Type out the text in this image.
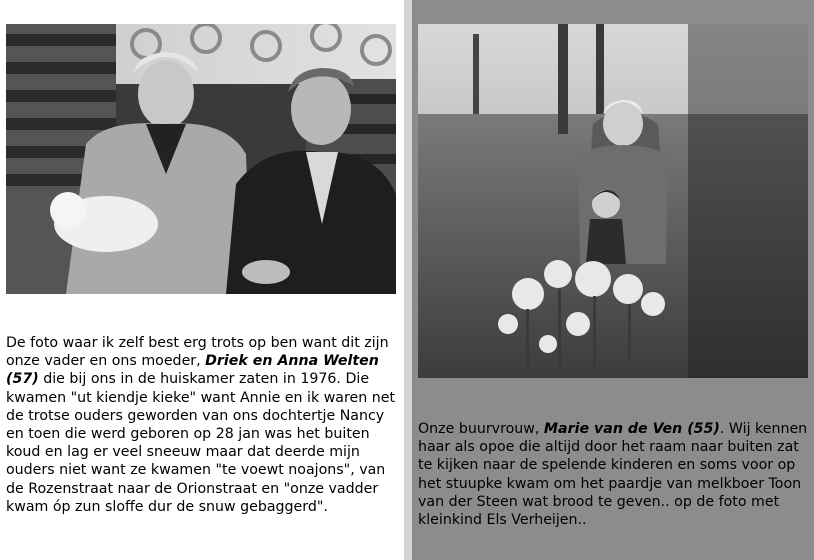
De foto waar ik zelf best erg trots op ben want dit zijn onze vader en ons moeder, Driek en Anna Welten (57) die bij ons in de huiskamer zaten in 1976. Die kwamen "ut kiendje kieke" want Annie en ik waren net de trotse ouders geworden van ons dochtertje Nancy en toen die werd geboren op 28 jan was het buiten koud en lag er veel sneeuw maar dat deerde mijn ouders niet want ze kwamen "te voewt noajons", van de Rozenstraat naar de Orionstraat en "onze vadder kwam óp zun sloffe dur de snuw gebaggerd".
Onze buurvrouw, Marie van de Ven (55). Wij kennen haar als opoe die altijd door het raam naar buiten zat te kijken naar de spelende kinderen en soms voor op het stuupke kwam om het paardje van melkboer Toon van der Steen wat brood te geven.. op de foto met kleinkind Els Verheijen..
